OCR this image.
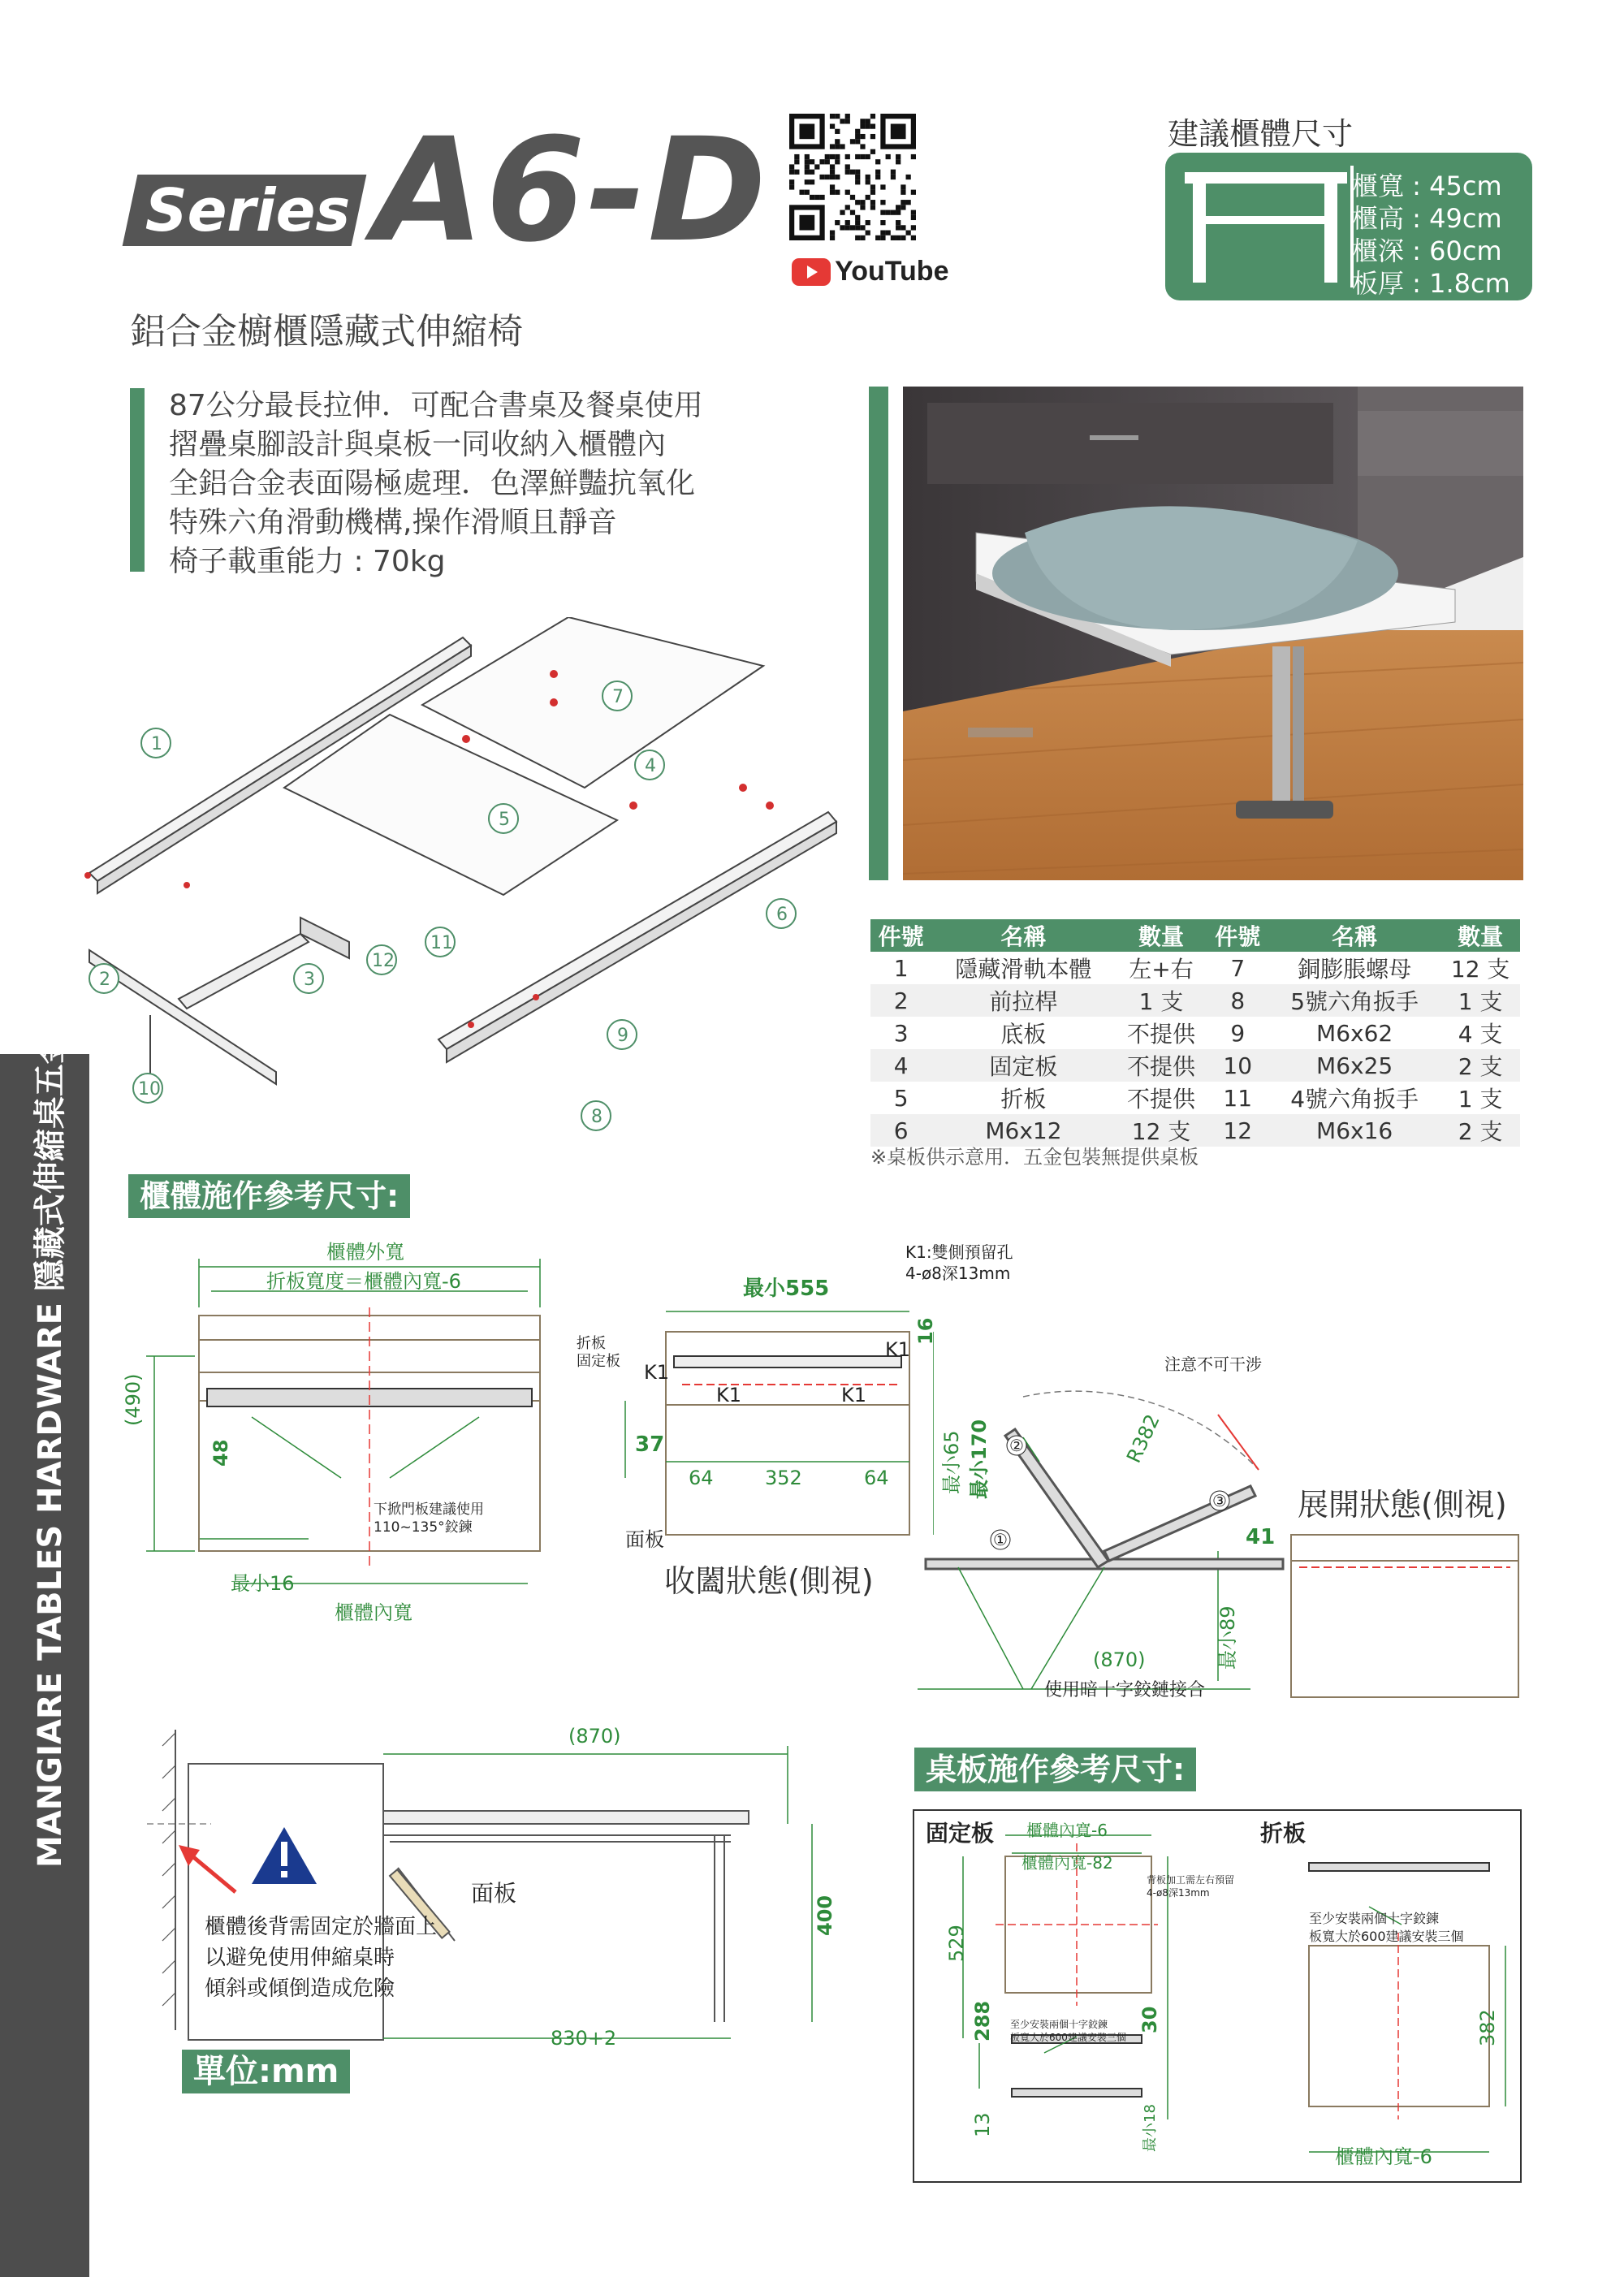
MANGIARE TABLES HARDWARE 隱藏式伸縮桌五金
Series A6-D
鋁合金櫥櫃隱藏式伸縮椅
YouTube
建議櫃體尺寸
櫃寬 : 45cm
櫃高 : 49cm
櫃深 : 60cm
板厚 : 1.8cm
87公分最長拉伸．可配合書桌及餐桌使用
摺疊桌腳設計與桌板一同收納入櫃體內
全鋁合金表面陽極處理．色澤鮮豔抗氧化
特殊六角滑動機構,操作滑順且靜音
椅子載重能力 : 70kg
1
2	3
4
5
6
7
8
9
10
11
12
件號	名稱	數量	件號	名稱	數量
1	隱藏滑軌本體	左+右	7	銅膨脹螺母	12 支
2	前拉桿	1 支	8	5號六角扳手	1 支
3	底板	不提供	9	M6x62	4 支
4	固定板	不提供	10	M6x25	2 支
5	折板	不提供	11	4號六角扳手	1 支
6	M6x12	12 支	12	M6x16	2 支
※桌板供示意用．五金包裝無提供桌板
櫃體施作參考尺寸:
櫃體外寬
折板寬度＝櫃體內寬-6
(490)
48
下掀門板建議使用
110~135°鉸鍊
最小16
櫃體內寬
折板
固定板
K1:雙側預留孔
4-ø8深13mm
最小555
16
K1
K1	K1
K1
37
64	352	64	最小65 最小170
面板
收闔狀態(側視)
注意不可干涉
R382
②
③
①	41
最小89
(870)
使用暗十字鉸鏈接合
展開狀態(側視)
(870)
面板
400
830+2
櫃體後背需固定於牆面上
以避免使用伸縮桌時
傾斜或傾倒造成危險
單位:mm
桌板施作參考尺寸:
固定板	折板
櫃體內寬-6
櫃體內寬-82
背板加工需左右預留
4-ø8深13mm
529
288	30
13	最小18
至少安裝兩個十字鉸鍊
板寬大於600建議安裝三個
至少安裝兩個十字鉸鍊
板寬大於600建議安裝三個
382
櫃體內寬-6
